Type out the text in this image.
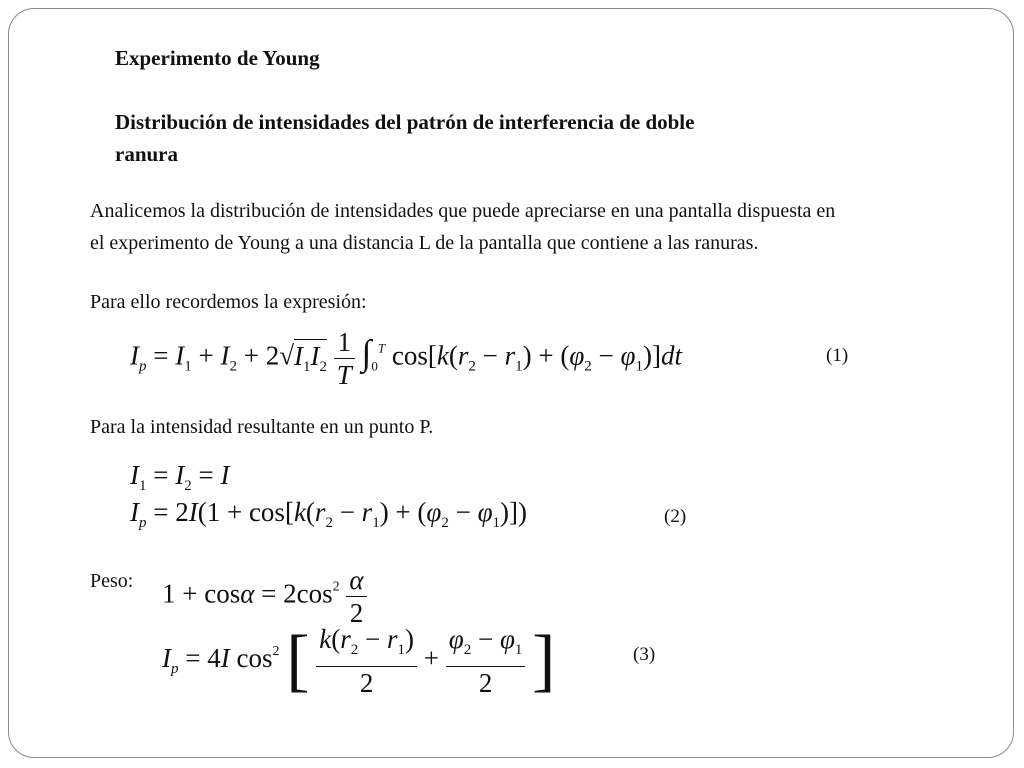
Experimento de Young
Distribución de intensidades del patrón de interferencia de doble
ranura
Analicemos la distribución de intensidades que puede apreciarse en una pantalla dispuesta en
el experimento de Young a una distancia L de la pantalla que contiene a las ranuras.
Para ello recordemos la expresión:
$I_p = I_1 + I_2 + 2√I_1I_2 \frac{1}{T} \int_0^T$ $\cos[k(r_2 - r_1) + (\varphi_2 - \varphi_1)]dt$	(1)
Para la intensidad resultante en un punto P.
$I_1 = I_2 = I$
$I_p = 2I(1 + \cos[k(r_2 - r_1) + (\varphi_2 - \varphi_1)])$	(2)
Peso: $1 + \cos\alpha = 2\cos^2 \frac{\alpha}{2}$
$I_p = 4I$ $\cos^2$ [ $\frac{k(r_2 - r_1)}{2} + \frac{\varphi_2 - \varphi_1}{2}$ ]	(3)
